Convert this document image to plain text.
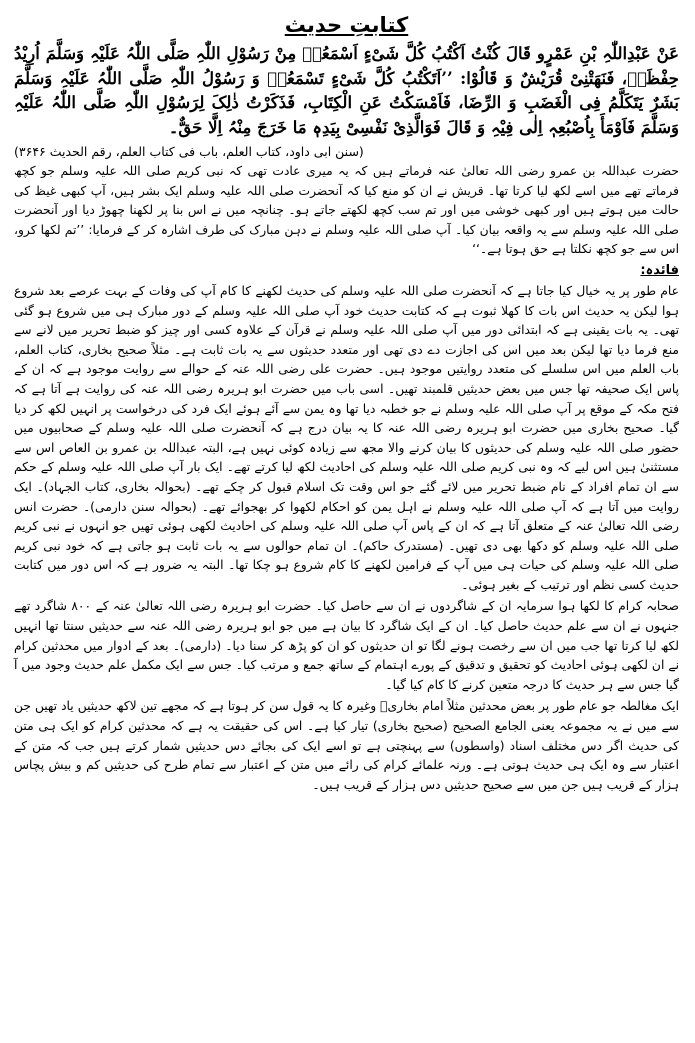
کتابتِ حدیث

عَنْ عَبْدِاللّٰہِ بْنِ عَمْرٍو قَالَ کُنْتُ اَکْتُبُ کُلَّ شَیْءٍ اَسْمَعُہٗ مِنْ رَسُوْلِ اللّٰہِ صَلَّی اللّٰہُ عَلَیْہِ وَسَلَّمَ اُرِیْدُ حِفْظَہٗ، فَنَھَتْنِیْ قُرَیْشٌ وَ قَالُوْا: ’’اَتَکْتُبُ کُلَّ شَیْءٍ تَسْمَعُہٗ وَ رَسُوْلُ اللّٰہِ صَلَّی اللّٰہُ عَلَیْہِ وَسَلَّمَ بَشَرٌ یَتَکَلَّمُ فِی الْغَضَبِ وَ الرِّضَا، فَاَمْسَکْتُ عَنِ الْکِتَابِ، فَذَکَرْتُ ذٰلِکَ لِرَسُوْلِ اللّٰہِ صَلَّی اللّٰہُ عَلَیْہِ وَسَلَّمَ فَاَوْمَأَ بِاُصْبُعِہٖ اِلٰی فِیْہِ وَ قَالَ فَوَالَّذِیْ نَفْسِیْ بِیَدِہٖ مَا خَرَجَ مِنْہُ اِلَّا حَقٌّ۔

(سنن ابی داود، کتاب العلم، باب فی کتاب العلم، رقم الحدیث ۳۶۴۶)

حضرت عبداللہ بن عمرو رضی اللہ تعالیٰ عنہ فرماتے ہیں کہ یہ میری عادت تھی کہ نبی کریم صلی اللہ علیہ وسلم جو کچھ فرماتے تھے میں اسے لکھ لیا کرتا تھا۔ قریش نے ان کو منع کیا کہ آنحضرت صلی اللہ علیہ وسلم ایک بشر ہیں، آپ کبھی غیظ کی حالت میں ہوتے ہیں اور کبھی خوشی میں اور تم سب کچھ لکھتے جاتے ہو۔ چنانچہ میں نے اس بنا پر لکھنا چھوڑ دیا اور آنحضرت صلی اللہ علیہ وسلم سے یہ واقعہ بیان کیا۔ آپ صلی اللہ علیہ وسلم نے دہن مبارک کی طرف اشارہ کر کے فرمایا: ’’تم لکھا کرو، اس سے جو کچھ نکلتا ہے حق ہوتا ہے۔‘‘

فائدہ:

عام طور پر یہ خیال کیا جاتا ہے کہ آنحضرت صلی اللہ علیہ وسلم کی حدیث لکھنے کا کام آپ کی وفات کے بہت عرصے بعد شروع ہوا لیکن یہ حدیث اس بات کا کھلا ثبوت ہے کہ کتابت حدیث خود آپ صلی اللہ علیہ وسلم کے دور مبارک ہی میں شروع ہو گئی تھی۔ یہ بات یقینی ہے کہ ابتدائی دور میں آپ صلی اللہ علیہ وسلم نے قرآن کے علاوہ کسی اور چیز کو ضبط تحریر میں لانے سے منع فرما دیا تھا لیکن بعد میں اس کی اجازت دے دی تھی اور متعدد حدیثوں سے یہ بات ثابت ہے۔ مثلاً صحیح بخاری، کتاب العلم، باب العلم میں اس سلسلے کی متعدد روایتیں موجود ہیں۔ حضرت علی رضی اللہ عنہ کے حوالے سے روایت موجود ہے کہ ان کے پاس ایک صحیفہ تھا جس میں بعض حدیثیں قلمبند تھیں۔ اسی باب میں حضرت ابو ہریرہ رضی اللہ عنہ کی روایت ہے آتا ہے کہ فتح مکہ کے موقع پر آپ صلی اللہ علیہ وسلم نے جو خطبہ دیا تھا وہ یمن سے آئے ہوئے ایک فرد کی درخواست پر انہیں لکھ کر دیا گیا۔ صحیح بخاری میں حضرت ابو ہریرہ رضی اللہ عنہ کا یہ بیان درج ہے کہ آنحضرت صلی اللہ علیہ وسلم کے صحابیوں میں حضور صلی اللہ علیہ وسلم کی حدیثوں کا بیان کرنے والا مجھ سے زیادہ کوئی نہیں ہے، البتہ عبداللہ بن عمرو بن العاص اس سے مستثنیٰ ہیں اس لیے کہ وہ نبی کریم صلی اللہ علیہ وسلم کی احادیث لکھ لیا کرتے تھے۔ ایک بار آپ صلی اللہ علیہ وسلم کے حکم سے ان تمام افراد کے نام ضبط تحریر میں لائے گئے جو اس وقت تک اسلام قبول کر چکے تھے۔ (بحوالہ بخاری، کتاب الجہاد)۔ ایک روایت میں آتا ہے کہ آپ صلی اللہ علیہ وسلم نے اہل یمن کو احکام لکھوا کر بھجوائے تھے۔ (بحوالہ سنن دارمی)۔ حضرت انس رضی اللہ تعالیٰ عنہ کے متعلق آتا ہے کہ ان کے پاس آپ صلی اللہ علیہ وسلم کی احادیث لکھی ہوئی تھیں جو انہوں نے نبی کریم صلی اللہ علیہ وسلم کو دکھا بھی دی تھیں۔ (مستدرک حاکم)۔ ان تمام حوالوں سے یہ بات ثابت ہو جاتی ہے کہ خود نبی کریم صلی اللہ علیہ وسلم کی حیات ہی میں آپ کے فرامین لکھنے کا کام شروع ہو چکا تھا۔ البتہ یہ ضرور ہے کہ اس دور میں کتابت حدیث کسی نظم اور ترتیب کے بغیر ہوئی۔

صحابہ کرام کا لکھا ہوا سرمایہ ان کے شاگردوں نے ان سے حاصل کیا۔ حضرت ابو ہریرہ رضی اللہ تعالیٰ عنہ کے ۸۰۰ شاگرد تھے جنہوں نے ان سے علم حدیث حاصل کیا۔ ان کے ایک شاگرد کا بیان ہے میں جو ابو ہریرہ رضی اللہ عنہ سے حدیثیں سنتا تھا انہیں لکھ لیا کرتا تھا جب میں ان سے رخصت ہونے لگا تو ان حدیثوں کو ان کو پڑھ کر سنا دیا۔ (دارمی)۔ بعد کے ادوار میں محدثین کرام نے ان لکھی ہوئی احادیث کو تحقیق و تدقیق کے پورے اہتمام کے ساتھ جمع و مرتب کیا۔ جس سے ایک مکمل علم حدیث وجود میں آ گیا جس سے ہر حدیث کا درجہ متعین کرنے کا کام کیا گیا۔

ایک مغالطہ جو عام طور پر بعض محدثین مثلاً امام بخاریؒ وغیرہ کا یہ قول سن کر ہوتا ہے کہ مجھے تین لاکھ حدیثیں یاد تھیں جن سے میں نے یہ مجموعہ یعنی الجامع الصحیح (صحیح بخاری) تیار کیا ہے۔ اس کی حقیقت یہ ہے کہ محدثین کرام کو ایک ہی متن کی حدیث اگر دس مختلف اسناد (واسطوں) سے پہنچتی ہے تو اسے ایک کی بجائے دس حدیثیں شمار کرتے ہیں جب کہ متن کے اعتبار سے وہ ایک ہی حدیث ہوتی ہے۔ ورنہ علمائے کرام کی رائے میں متن کے اعتبار سے تمام طرح کی حدیثیں کم و بیش پچاس ہزار کے قریب ہیں جن میں سے صحیح حدیثیں دس ہزار کے قریب ہیں۔
